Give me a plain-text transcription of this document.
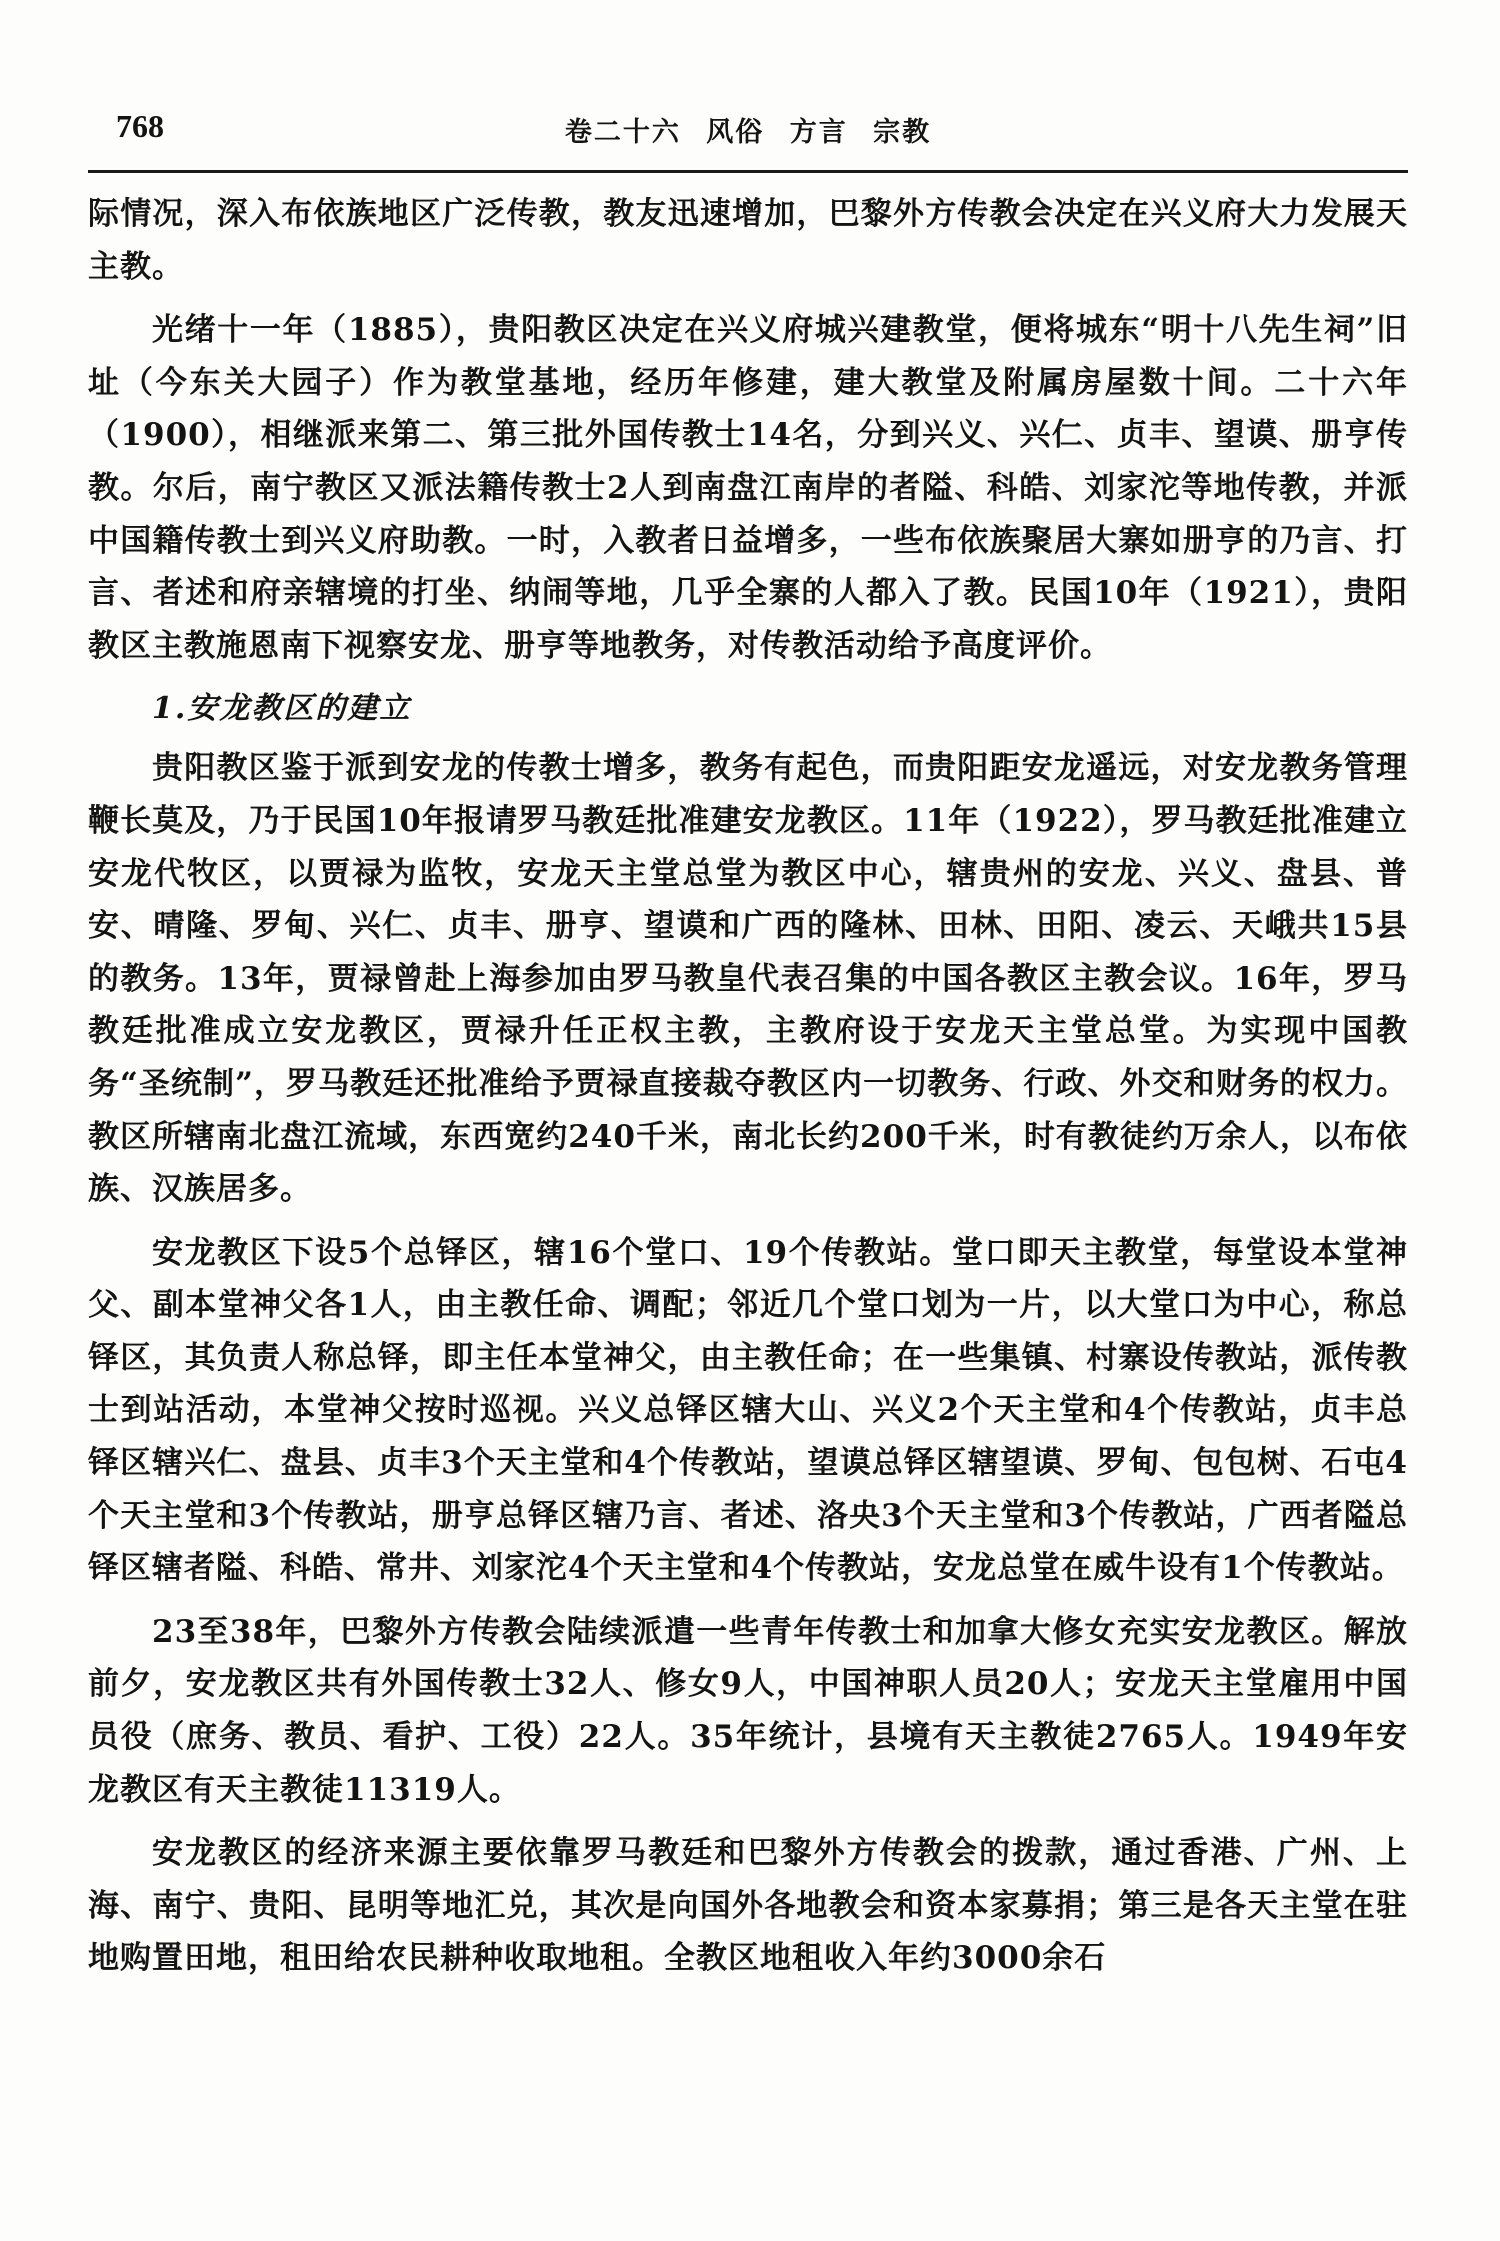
768	卷二十六 风俗 方言 宗教

际情况，深入布依族地区广泛传教，教友迅速增加，巴黎外方传教会决定在兴义府大力发展天主教。

光绪十一年（1885），贵阳教区决定在兴义府城兴建教堂，便将城东“明十八先生祠”旧址（今东关大园子）作为教堂基地，经历年修建，建大教堂及附属房屋数十间。二十六年（1900），相继派来第二、第三批外国传教士14名，分到兴义、兴仁、贞丰、望谟、册亨传教。尔后，南宁教区又派法籍传教士2人到南盘江南岸的者隘、科皓、刘家沱等地传教，并派中国籍传教士到兴义府助教。一时，入教者日益增多，一些布依族聚居大寨如册亨的乃言、打言、者述和府亲辖境的打坐、纳闹等地，几乎全寨的人都入了教。民国10年（1921），贵阳教区主教施恩南下视察安龙、册亨等地教务，对传教活动给予高度评价。

1.安龙教区的建立

贵阳教区鉴于派到安龙的传教士增多，教务有起色，而贵阳距安龙遥远，对安龙教务管理鞭长莫及，乃于民国10年报请罗马教廷批准建安龙教区。11年（1922），罗马教廷批准建立安龙代牧区，以贾禄为监牧，安龙天主堂总堂为教区中心，辖贵州的安龙、兴义、盘县、普安、晴隆、罗甸、兴仁、贞丰、册亨、望谟和广西的隆林、田林、田阳、凌云、天峨共15县的教务。13年，贾禄曾赴上海参加由罗马教皇代表召集的中国各教区主教会议。16年，罗马教廷批准成立安龙教区，贾禄升任正权主教，主教府设于安龙天主堂总堂。为实现中国教务“圣统制”，罗马教廷还批准给予贾禄直接裁夺教区内一切教务、行政、外交和财务的权力。教区所辖南北盘江流域，东西宽约240千米，南北长约200千米，时有教徒约万余人，以布依族、汉族居多。

安龙教区下设5个总铎区，辖16个堂口、19个传教站。堂口即天主教堂，每堂设本堂神父、副本堂神父各1人，由主教任命、调配；邻近几个堂口划为一片，以大堂口为中心，称总铎区，其负责人称总铎，即主任本堂神父，由主教任命；在一些集镇、村寨设传教站，派传教士到站活动，本堂神父按时巡视。兴义总铎区辖大山、兴义2个天主堂和4个传教站，贞丰总铎区辖兴仁、盘县、贞丰3个天主堂和4个传教站，望谟总铎区辖望谟、罗甸、包包树、石屯4个天主堂和3个传教站，册亨总铎区辖乃言、者述、洛央3个天主堂和3个传教站，广西者隘总铎区辖者隘、科皓、常井、刘家沱4个天主堂和4个传教站，安龙总堂在威牛设有1个传教站。

23至38年，巴黎外方传教会陆续派遣一些青年传教士和加拿大修女充实安龙教区。解放前夕，安龙教区共有外国传教士32人、修女9人，中国神职人员20人；安龙天主堂雇用中国员役（庶务、教员、看护、工役）22人。35年统计，县境有天主教徒2765人。1949年安龙教区有天主教徒11319人。

安龙教区的经济来源主要依靠罗马教廷和巴黎外方传教会的拨款，通过香港、广州、上海、南宁、贵阳、昆明等地汇兑，其次是向国外各地教会和资本家募捐；第三是各天主堂在驻地购置田地，租田给农民耕种收取地租。全教区地租收入年约3000余石
